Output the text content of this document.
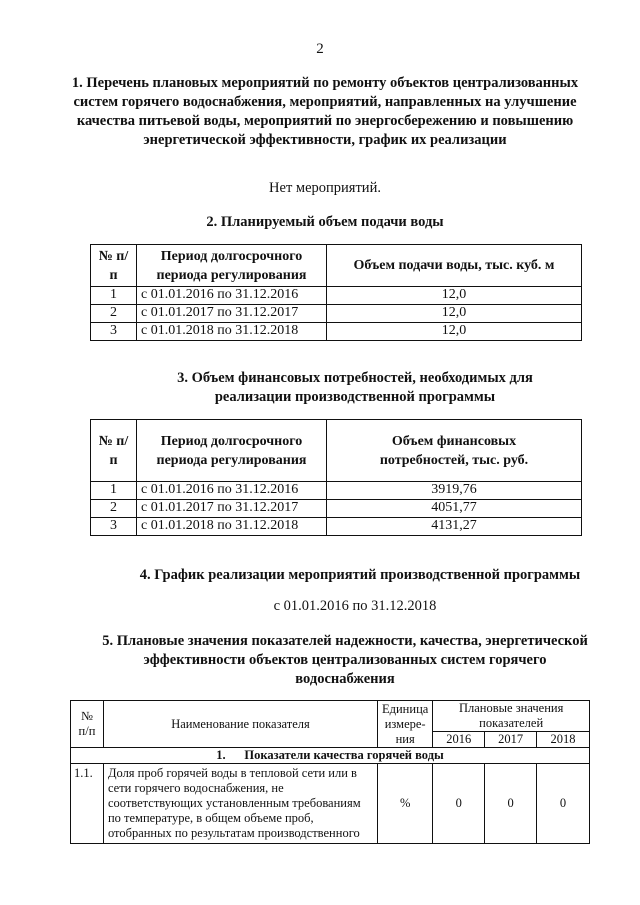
2
1. Перечень плановых мероприятий по ремонту объектов централизованных систем горячего водоснабжения, мероприятий, направленных на улучшение качества питьевой воды, мероприятий по энергосбережению и повышению энергетической эффективности, график их реализации
Нет мероприятий.
2. Планируемый объем подачи воды
№ п/п	Период долгосрочного периода регулирования	Объем подачи воды, тыс. куб. м
1	с 01.01.2016 по 31.12.2016	12,0
2	с 01.01.2017 по 31.12.2017	12,0
3	с 01.01.2018 по 31.12.2018	12,0
3. Объем финансовых потребностей, необходимых для реализации производственной программы
№ п/п	Период долгосрочного периода регулирования	Объем финансовых потребностей, тыс. руб.
1	с 01.01.2016 по 31.12.2016	3919,76
2	с 01.01.2017 по 31.12.2017	4051,77
3	с 01.01.2018 по 31.12.2018	4131,27
4. График реализации мероприятий производственной программы
с 01.01.2016 по 31.12.2018
5. Плановые значения показателей надежности, качества, энергетической эффективности объектов централизованных систем горячего водоснабжения
№ п/п	Наименование показателя	Единица измере-ния	Плановые значения показателей		
			2016	2017	2018
1.      Показатели качества горячей воды					
1.1.	Доля проб горячей воды в тепловой сети или в сети горячего водоснабжения, не соответствующих установленным требованиям по температуре, в общем объеме проб, отобранных по результатам производственного	%	0	0	0
